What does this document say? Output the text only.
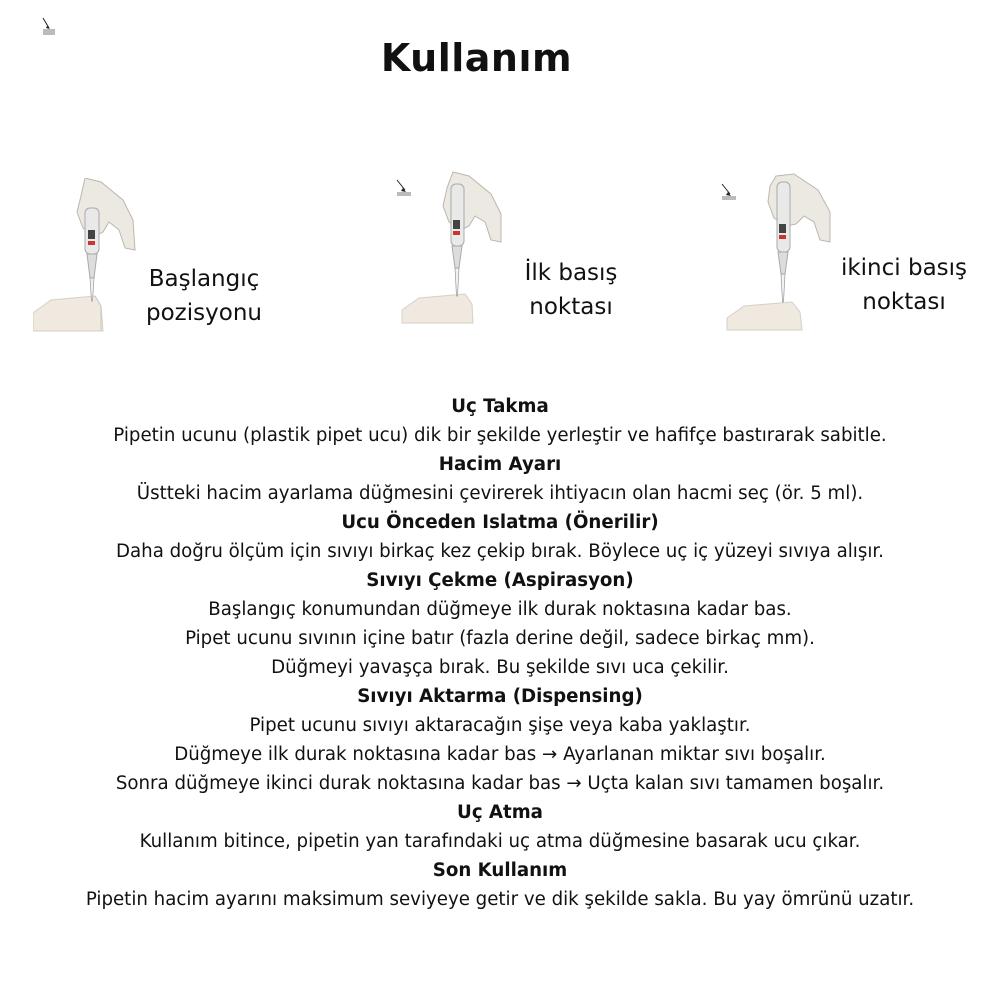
Kullanım
Başlangıç
pozisyonu
İlk basış
noktası
ikinci basış
noktası
Uç Takma

Pipetin ucunu (plastik pipet ucu) dik bir şekilde yerleştir ve hafifçe bastırarak sabitle.

Hacim Ayarı

Üstteki hacim ayarlama düğmesini çevirerek ihtiyacın olan hacmi seç (ör. 5 ml).

Ucu Önceden Islatma (Önerilir)

Daha doğru ölçüm için sıvıyı birkaç kez çekip bırak. Böylece uç iç yüzeyi sıvıya alışır.

Sıvıyı Çekme (Aspirasyon)

Başlangıç konumundan düğmeye ilk durak noktasına kadar bas.

Pipet ucunu sıvının içine batır (fazla derine değil, sadece birkaç mm).

Düğmeyi yavaşça bırak. Bu şekilde sıvı uca çekilir.

Sıvıyı Aktarma (Dispensing)

Pipet ucunu sıvıyı aktaracağın şişe veya kaba yaklaştır.

Düğmeye ilk durak noktasına kadar bas → Ayarlanan miktar sıvı boşalır.

Sonra düğmeye ikinci durak noktasına kadar bas → Uçta kalan sıvı tamamen boşalır.

Uç Atma

Kullanım bitince, pipetin yan tarafındaki uç atma düğmesine basarak ucu çıkar.

Son Kullanım

Pipetin hacim ayarını maksimum seviyeye getir ve dik şekilde sakla. Bu yay ömrünü uzatır.
